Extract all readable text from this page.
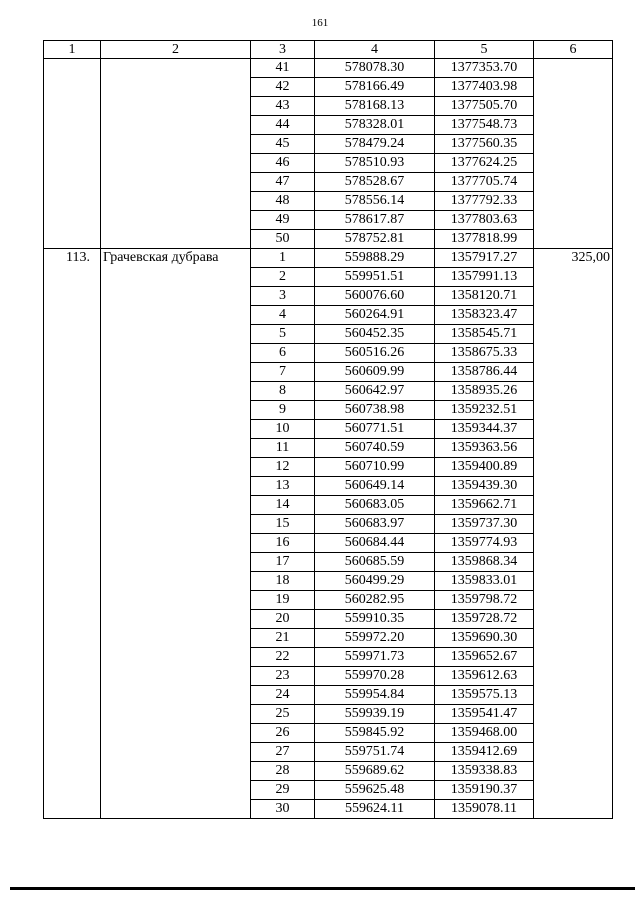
161
1	2	3	4	5	6
		41	578078.30	1377353.70	
		42	578166.49	1377403.98	
		43	578168.13	1377505.70	
		44	578328.01	1377548.73	
		45	578479.24	1377560.35	
		46	578510.93	1377624.25	
		47	578528.67	1377705.74	
		48	578556.14	1377792.33	
		49	578617.87	1377803.63	
		50	578752.81	1377818.99	
113.	Грачевская дубрава	1	559888.29	1357917.27	325,00
		2	559951.51	1357991.13	
		3	560076.60	1358120.71	
		4	560264.91	1358323.47	
		5	560452.35	1358545.71	
		6	560516.26	1358675.33	
		7	560609.99	1358786.44	
		8	560642.97	1358935.26	
		9	560738.98	1359232.51	
		10	560771.51	1359344.37	
		11	560740.59	1359363.56	
		12	560710.99	1359400.89	
		13	560649.14	1359439.30	
		14	560683.05	1359662.71	
		15	560683.97	1359737.30	
		16	560684.44	1359774.93	
		17	560685.59	1359868.34	
		18	560499.29	1359833.01	
		19	560282.95	1359798.72	
		20	559910.35	1359728.72	
		21	559972.20	1359690.30	
		22	559971.73	1359652.67	
		23	559970.28	1359612.63	
		24	559954.84	1359575.13	
		25	559939.19	1359541.47	
		26	559845.92	1359468.00	
		27	559751.74	1359412.69	
		28	559689.62	1359338.83	
		29	559625.48	1359190.37	
		30	559624.11	1359078.11	
